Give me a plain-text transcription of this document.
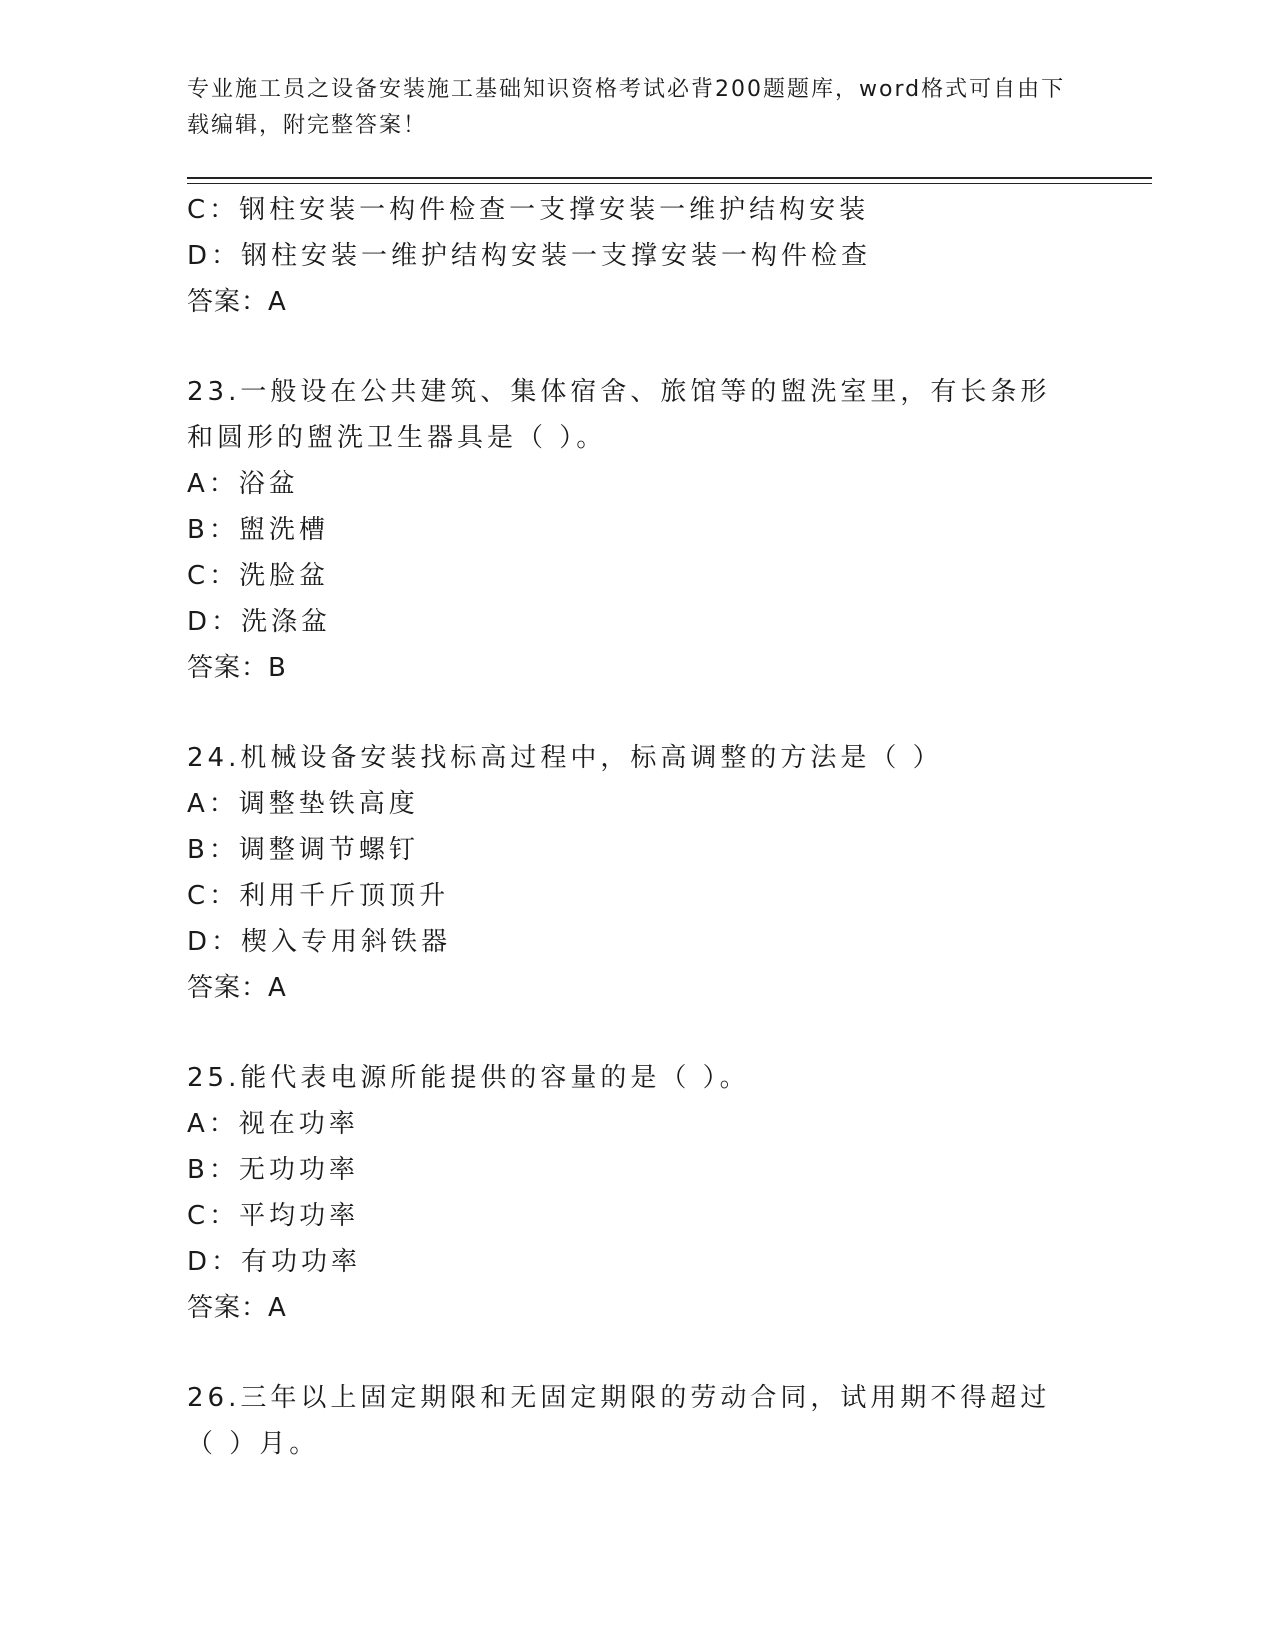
专业施工员之设备安装施工基础知识资格考试必背200题题库，word格式可自由下载编辑，附完整答案！
C：钢柱安装一构件检查一支撑安装一维护结构安装
D：钢柱安装一维护结构安装一支撑安装一构件检查
答案：A
23.一般设在公共建筑、集体宿舍、旅馆等的盥洗室里，有长条形和圆形的盥洗卫生器具是（ ）。
A：浴盆
B：盥洗槽
C：洗脸盆
D：洗涤盆
答案：B
24.机械设备安装找标高过程中，标高调整的方法是（ ）
A：调整垫铁高度
B：调整调节螺钉
C：利用千斤顶顶升
D：楔入专用斜铁器
答案：A
25.能代表电源所能提供的容量的是（ ）。
A：视在功率
B：无功功率
C：平均功率
D：有功功率
答案：A
26.三年以上固定期限和无固定期限的劳动合同，试用期不得超过（ ）月。
